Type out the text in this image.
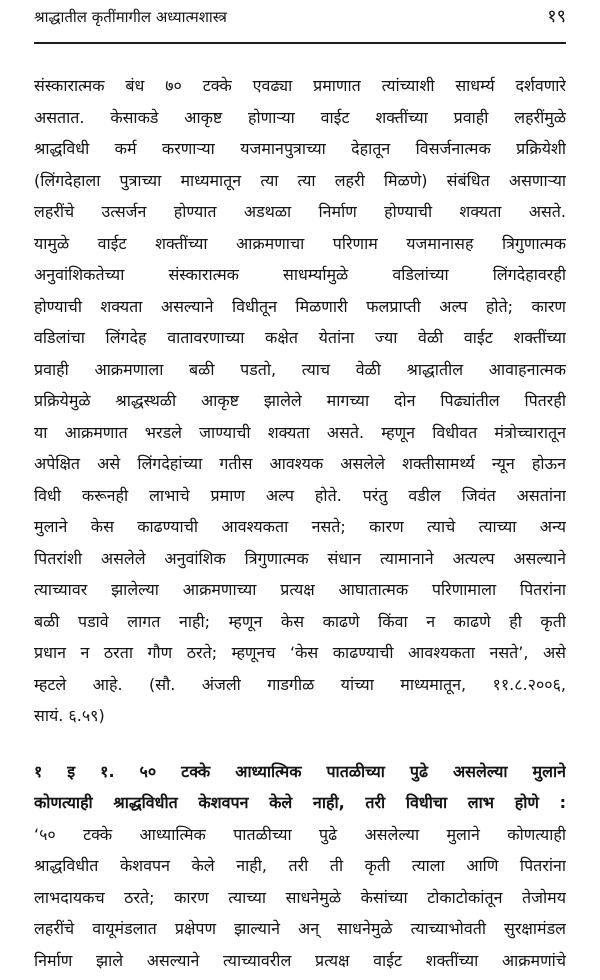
श्राद्धातील कृतींमागील अध्यात्मशास्त्र	१९
संस्कारात्मक बंध ७० टक्के एवढ्या प्रमाणात त्यांच्याशी साधर्म्य दर्शवणारे
असतात. केसाकडे आकृष्ट होणार्‍या वाईट शक्तींच्या प्रवाही लहरींमुळे
श्राद्धविधी कर्म करणार्‍या यजमानपुत्राच्या देहातून विसर्जनात्मक प्रक्रियेशी
(लिंगदेहाला पुत्राच्या माध्यमातून त्या त्या लहरी मिळणे) संबंधित असणार्‍या
लहरींचे उत्सर्जन होण्यात अडथळा निर्माण होण्याची शक्यता असते.
यामुळे वाईट शक्तींच्या आक्रमणाचा परिणाम यजमानासह त्रिगुणात्मक
अनुवांशिकतेच्या संस्कारात्मक साधर्म्यामुळे वडिलांच्या लिंगदेहावरही
होण्याची शक्यता असल्याने विधीतून मिळणारी फलप्राप्ती अल्प होते; कारण
वडिलांचा लिंगदेह वातावरणाच्या कक्षेत येतांना ज्या वेळी वाईट शक्तींच्या
प्रवाही आक्रमणाला बळी पडतो, त्याच वेळी श्राद्धातील आवाहनात्मक
प्रक्रियेमुळे श्राद्धस्थळी आकृष्ट झालेले मागच्या दोन पिढ्यांतील पितरही
या आक्रमणात भरडले जाण्याची शक्यता असते. म्हणून विधीवत मंत्रोच्चारातून
अपेक्षित असे लिंगदेहांच्या गतीस आवश्यक असलेले शक्तीसामर्थ्य न्यून होऊन
विधी करूनही लाभाचे प्रमाण अल्प होते. परंतु वडील जिवंत असतांना
मुलाने केस काढण्याची आवश्यकता नसते; कारण त्याचे त्याच्या अन्य
पितरांशी असलेले अनुवांशिक त्रिगुणात्मक संधान त्यामानाने अत्यल्प असल्याने
त्याच्यावर झालेल्या आक्रमणाच्या प्रत्यक्ष आघातात्मक परिणामाला पितरांना
बळी पडावे लागत नाही; म्हणून केस काढणे किंवा न काढणे ही कृती
प्रधान न ठरता गौण ठरते; म्हणूनच ‘केस काढण्याची आवश्यकता नसते’, असे
म्हटले आहे. (सौ. अंजली गाडगीळ यांच्या माध्यमातून, ११.८.२००६,
सायं. ६.५९)
१ इ १. ५० टक्के आध्यात्मिक पातळीच्या पुढे असलेल्या मुलाने
कोणत्याही श्राद्धविधीत केशवपन केले नाही, तरी विधीचा लाभ होणे :
‘५० टक्के आध्यात्मिक पातळीच्या पुढे असलेल्या मुलाने कोणत्याही
श्राद्धविधीत केशवपन केले नाही, तरी ती कृती त्याला आणि पितरांना
लाभदायकच ठरते; कारण त्याच्या साधनेमुळे केसांच्या टोकाटोकांतून तेजोमय
लहरींचे वायूमंडलात प्रक्षेपण झाल्याने अन् साधनेमुळे त्याच्याभोवती सुरक्षामंडल
निर्माण झाले असल्याने त्याच्यावरील प्रत्यक्ष वाईट शक्तींच्या आक्रमणांचे
